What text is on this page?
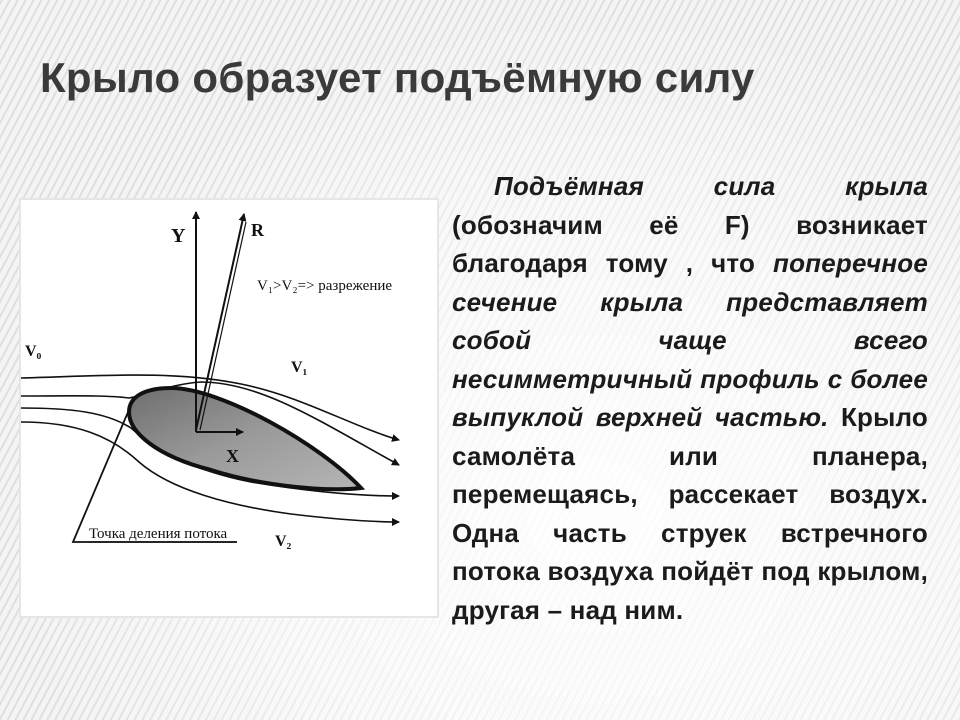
Крыло образует подъёмную силу
Y	R
V₁>V₂=> разрежение
V₀
V₁
X
Точка деления потока	V₂

Подъёмная сила крыла (обозначим её F) возникает благодаря тому , что поперечное сечение крыла представляет собой чаще всего несимметричный профиль с более выпуклой верхней частью. Крыло самолёта или планера, перемещаясь, рассекает воздух. Одна часть струек встречного потока воздуха пойдёт под крылом, другая – над ним.
